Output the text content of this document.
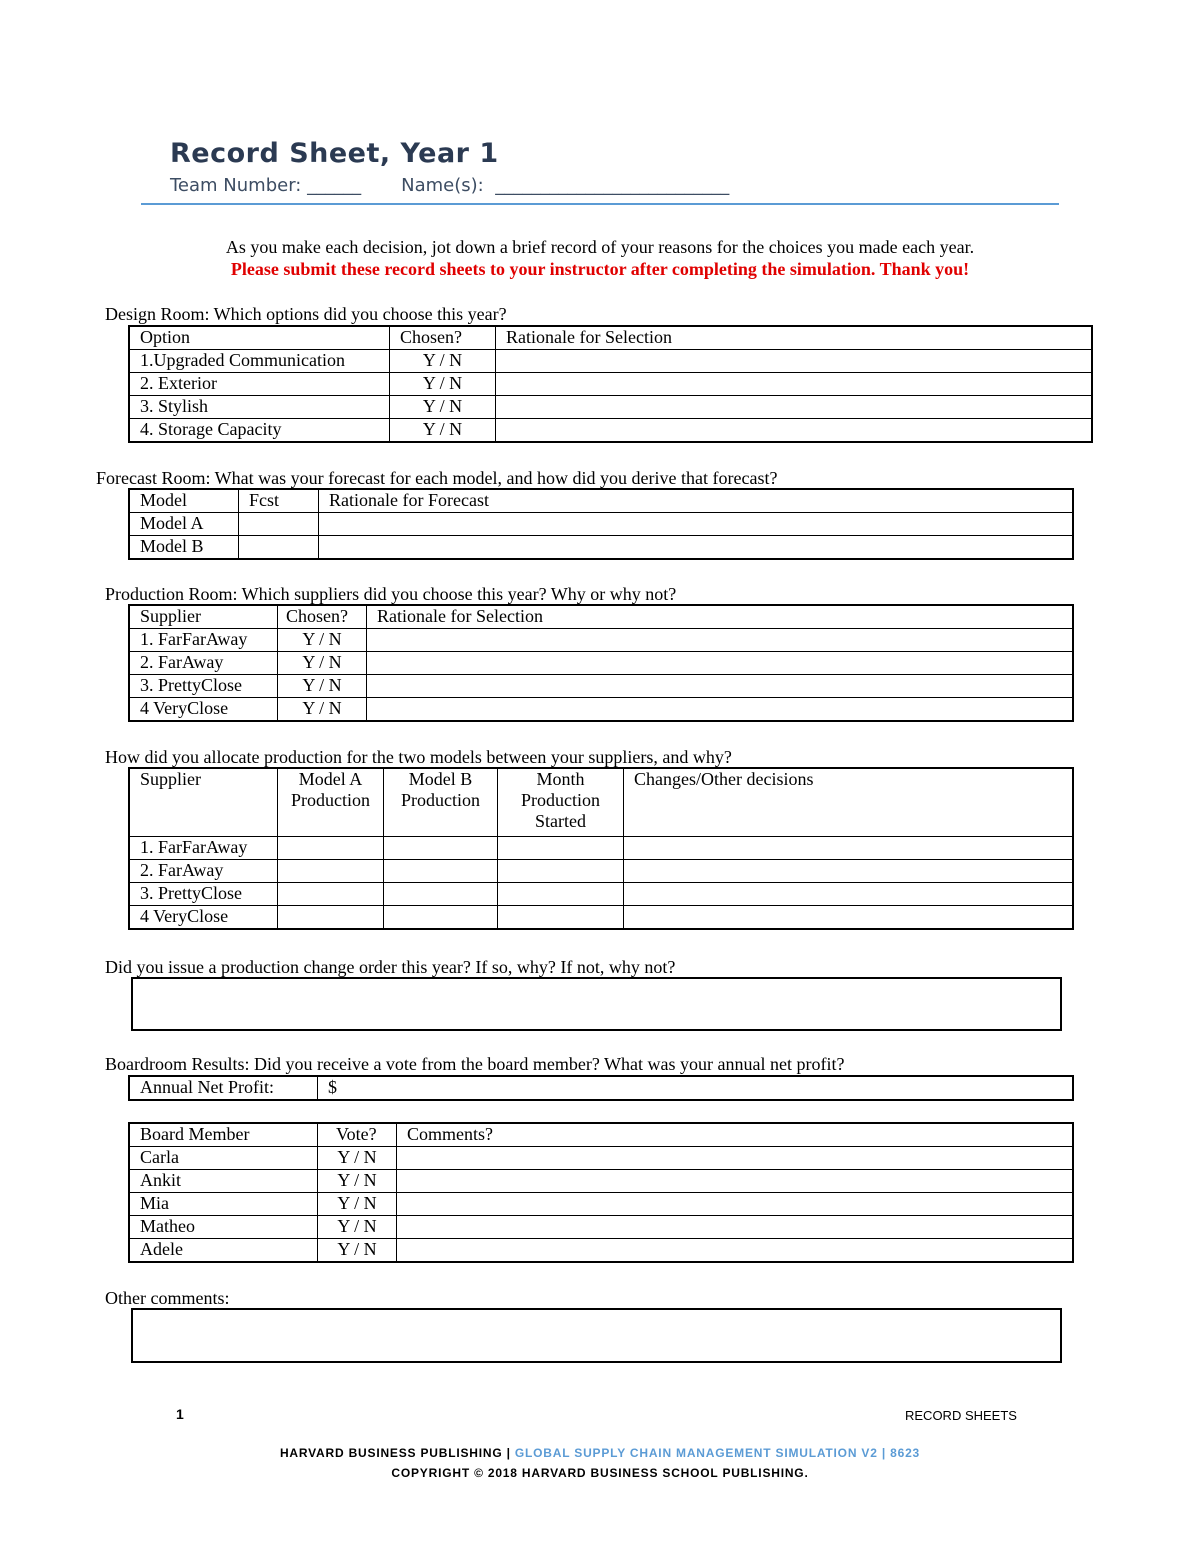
Record Sheet, Year 1
Team Number: ______ Name(s): __________________________
As you make each decision, jot down a brief record of your reasons for the choices you made each year.
Please submit these record sheets to your instructor after completing the simulation. Thank you!
Design Room: Which options did you choose this year?
Option	Chosen?	Rationale for Selection
1.Upgraded Communication	Y / N	
2. Exterior	Y / N	
3. Stylish	Y / N	
4. Storage Capacity	Y / N	
Forecast Room: What was your forecast for each model, and how did you derive that forecast?
Model	Fcst	Rationale for Forecast
Model A		
Model B		
Production Room: Which suppliers did you choose this year? Why or why not?
Supplier	Chosen?	Rationale for Selection
1. FarFarAway	Y / N	
2. FarAway	Y / N	
3. PrettyClose	Y / N	
4 VeryClose	Y / N	
How did you allocate production for the two models between your suppliers, and why?
Supplier	Model A Production	Model B Production	Month Production Started	Changes/Other decisions
1. FarFarAway				
2. FarAway				
3. PrettyClose				
4 VeryClose				
Did you issue a production change order this year? If so, why? If not, why not?
Boardroom Results: Did you receive a vote from the board member? What was your annual net profit?
Annual Net Profit:	$
Board Member	Vote?	Comments?
Carla	Y / N	
Ankit	Y / N	
Mia	Y / N	
Matheo	Y / N	
Adele	Y / N	
Other comments:
1	RECORD SHEETS
HARVARD BUSINESS PUBLISHING | GLOBAL SUPPLY CHAIN MANAGEMENT SIMULATION V2 | 8623
COPYRIGHT © 2018 HARVARD BUSINESS SCHOOL PUBLISHING.
